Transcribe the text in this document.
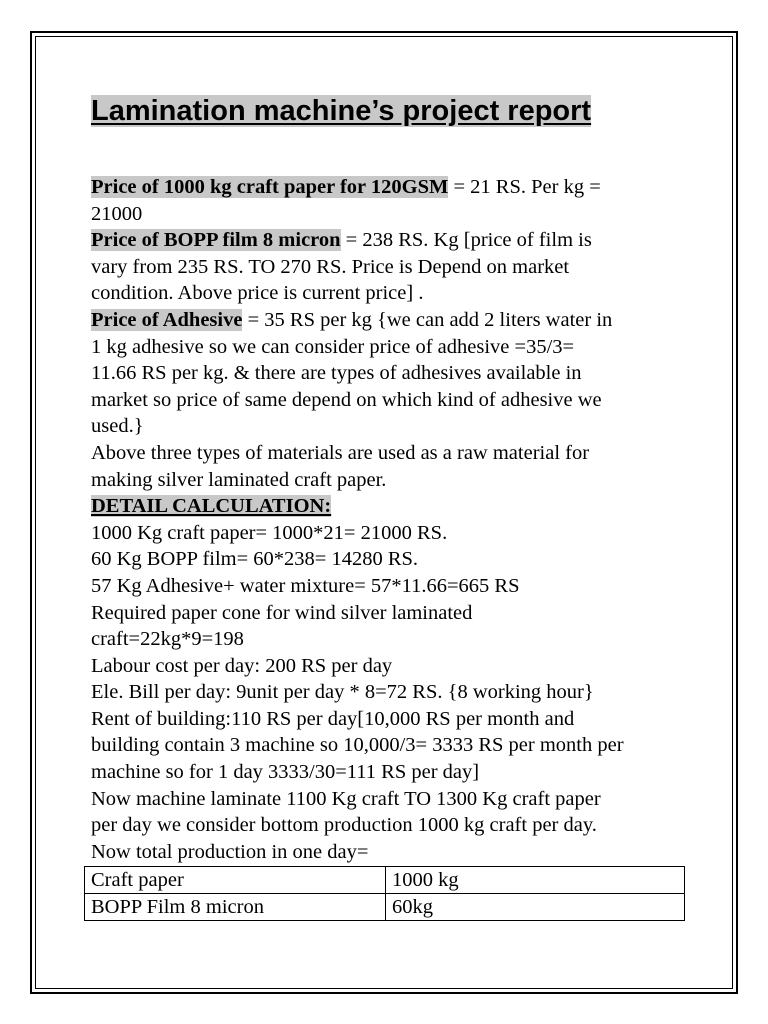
Lamination machine’s project report

Price of 1000 kg craft paper for 120GSM = 21 RS. Per kg =

21000

Price of BOPP film 8 micron = 238 RS. Kg [price of film is

vary from 235 RS. TO 270 RS. Price is Depend on market

condition. Above price is current price] .

Price of Adhesive = 35 RS per kg {we can add 2 liters water in

1 kg adhesive so we can consider price of adhesive =35/3=

11.66 RS per kg. & there are types of adhesives available in

market so price of same depend on which kind of adhesive we

used.}

Above three types of materials are used as a raw material for

making silver laminated craft paper.

DETAIL CALCULATION:

1000 Kg craft paper= 1000*21= 21000 RS.

60 Kg BOPP film= 60*238= 14280 RS.

57 Kg Adhesive+ water mixture= 57*11.66=665 RS

Required paper cone for wind silver laminated

craft=22kg*9=198

Labour cost per day: 200 RS per day

Ele. Bill per day: 9unit per day * 8=72 RS. {8 working hour}

Rent of building:110 RS per day[10,000 RS per month and

building contain 3 machine so 10,000/3= 3333 RS per month per

machine so for 1 day 3333/30=111 RS per day]

Now machine laminate 1100 Kg craft TO 1300 Kg craft paper

per day we consider bottom production 1000 kg craft per day.

Now total production in one day=

Craft paper	1000 kg
BOPP Film 8 micron	60kg
